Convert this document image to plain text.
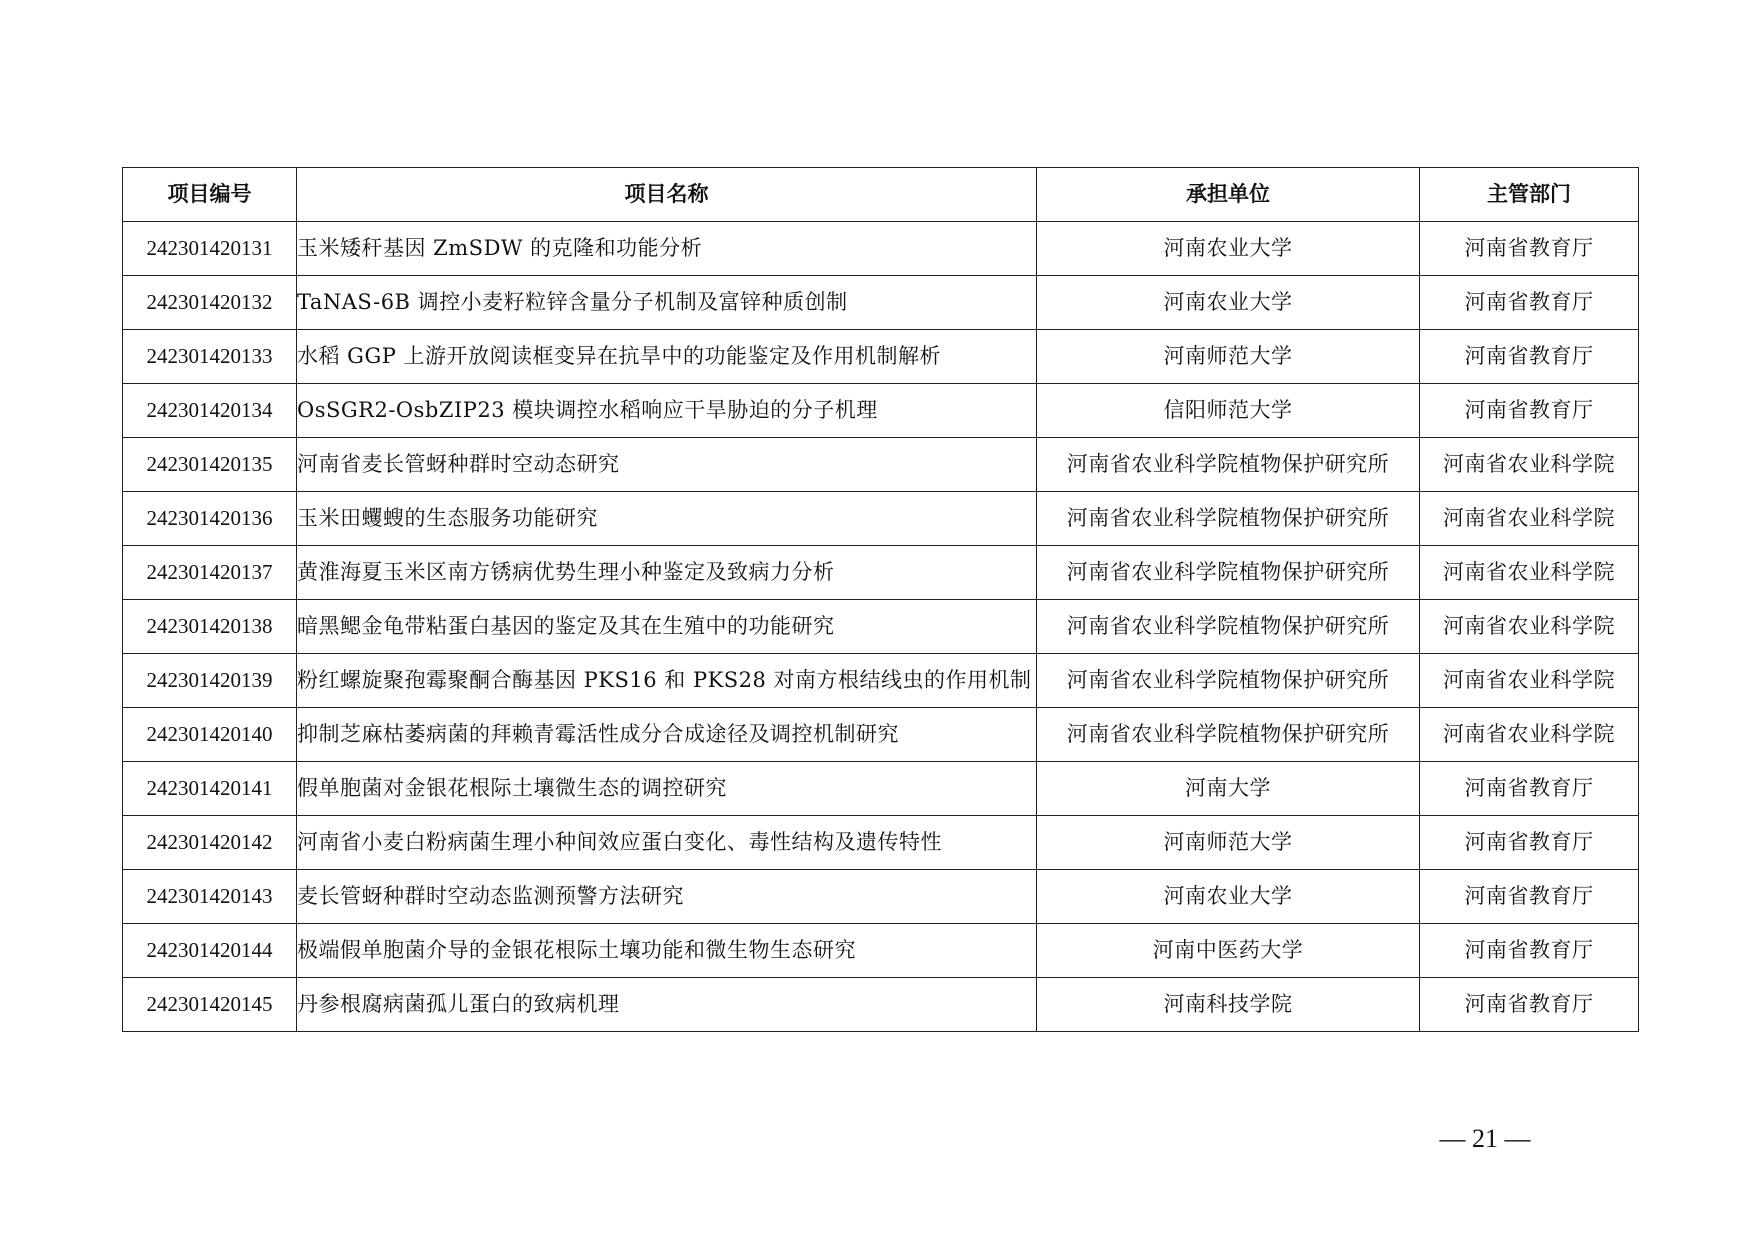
项目编号	项目名称	承担单位	主管部门
242301420131	玉米矮秆基因 ZmSDW 的克隆和功能分析	河南农业大学	河南省教育厅
242301420132	TaNAS-6B 调控小麦籽粒锌含量分子机制及富锌种质创制	河南农业大学	河南省教育厅
242301420133	水稻 GGP 上游开放阅读框变异在抗旱中的功能鉴定及作用机制解析	河南师范大学	河南省教育厅
242301420134	OsSGR2-OsbZIP23 模块调控水稻响应干旱胁迫的分子机理	信阳师范大学	河南省教育厅
242301420135	河南省麦长管蚜种群时空动态研究	河南省农业科学院植物保护研究所	河南省农业科学院
242301420136	玉米田蠼螋的生态服务功能研究	河南省农业科学院植物保护研究所	河南省农业科学院
242301420137	黄淮海夏玉米区南方锈病优势生理小种鉴定及致病力分析	河南省农业科学院植物保护研究所	河南省农业科学院
242301420138	暗黑鳃金龟带粘蛋白基因的鉴定及其在生殖中的功能研究	河南省农业科学院植物保护研究所	河南省农业科学院
242301420139	粉红螺旋聚孢霉聚酮合酶基因 PKS16 和 PKS28 对南方根结线虫的作用机制	河南省农业科学院植物保护研究所	河南省农业科学院
242301420140	抑制芝麻枯萎病菌的拜赖青霉活性成分合成途径及调控机制研究	河南省农业科学院植物保护研究所	河南省农业科学院
242301420141	假单胞菌对金银花根际土壤微生态的调控研究	河南大学	河南省教育厅
242301420142	河南省小麦白粉病菌生理小种间效应蛋白变化、毒性结构及遗传特性	河南师范大学	河南省教育厅
242301420143	麦长管蚜种群时空动态监测预警方法研究	河南农业大学	河南省教育厅
242301420144	极端假单胞菌介导的金银花根际土壤功能和微生物生态研究	河南中医药大学	河南省教育厅
242301420145	丹参根腐病菌孤儿蛋白的致病机理	河南科技学院	河南省教育厅
— 21 —
